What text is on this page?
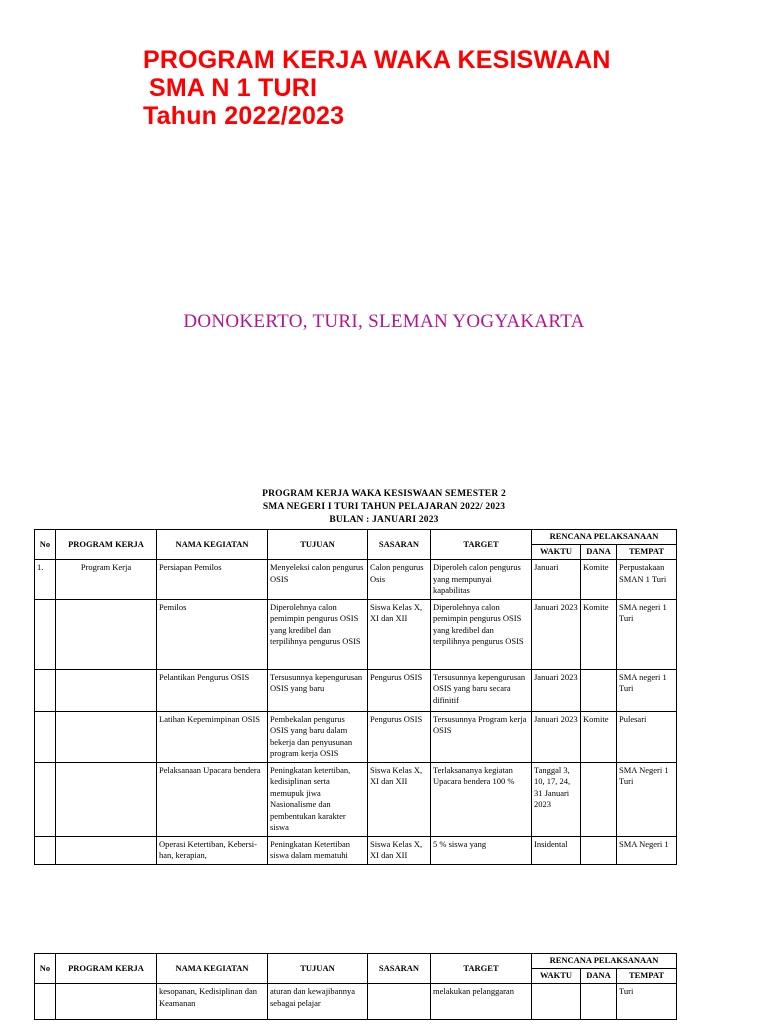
PROGRAM KERJA WAKA KESISWAAN
SMA N 1 TURI
Tahun 2022/2023
DONOKERTO, TURI, SLEMAN YOGYAKARTA
PROGRAM KERJA WAKA KESISWAAN SEMESTER 2
SMA NEGERI I TURI TAHUN PELAJARAN 2022/ 2023
BULAN : JANUARI 2023
No	PROGRAM KERJA	NAMA KEGIATAN	TUJUAN	SASARAN	TARGET	RENCANA PELAKSANAAN		
						WAKTU	DANA	TEMPAT
1.	Program Kerja	Persiapan Pemilos	Menyeleksi calon pengurus OSIS	Calon pengurus Osis	Diperoleh calon pengurus yang mempunyai kapabilitas	Januari	Komite	Perpustakaan SMAN 1 Turi
		Pemilos	Diperolehnya calon pemimpin pengurus OSIS yang kredibel dan terpilihnya pengurus OSIS	Siswa Kelas X, XI dan XII	Diperolehnya calon pemimpin pengurus OSIS yang kredibel dan terpilihnya pengurus OSIS	Januari 2023	Komite	SMA negeri 1 Turi
		Pelantikan Pengurus OSIS	Tersusunnya kepengurusan OSIS yang baru	Pengurus OSIS	Tersusunnya kepengurusan OSIS yang baru secara difinitif	Januari 2023		SMA negeri 1 Turi
		Latihan Kepemimpinan OSIS	Pembekalan pengurus OSIS yang baru dalam bekerja dan penyusunan program kerja OSIS	Pengurus OSIS	Tersusunnya Program kerja OSIS	Januari 2023	Komite	Pulesari
		Pelaksanaan Upacara bendera	Peningkatan ketertiban, kedisiplinan serta memupuk jiwa Nasionalisme dan pembentukan karakter siswa	Siswa Kelas X, XI dan XII	Terlaksananya kegiatan Upacara bendera 100 %	Tanggal 3, 10, 17, 24, 31 Januari 2023		SMA Negeri 1 Turi
		Operasi Ketertiban, Kebersi-han, kerapian,	Peningkatan Ketertiban siswa dalam mematuhi	Siswa Kelas X, XI dan XII	5 % siswa yang	Insidental		SMA Negeri 1
No	PROGRAM KERJA	NAMA KEGIATAN	TUJUAN	SASARAN	TARGET	RENCANA PELAKSANAAN		
						WAKTU	DANA	TEMPAT
		kesopanan, Kedisiplinan dan Keamanan	aturan dan kewajibannya sebagai pelajar		melakukan pelanggaran			Turi
